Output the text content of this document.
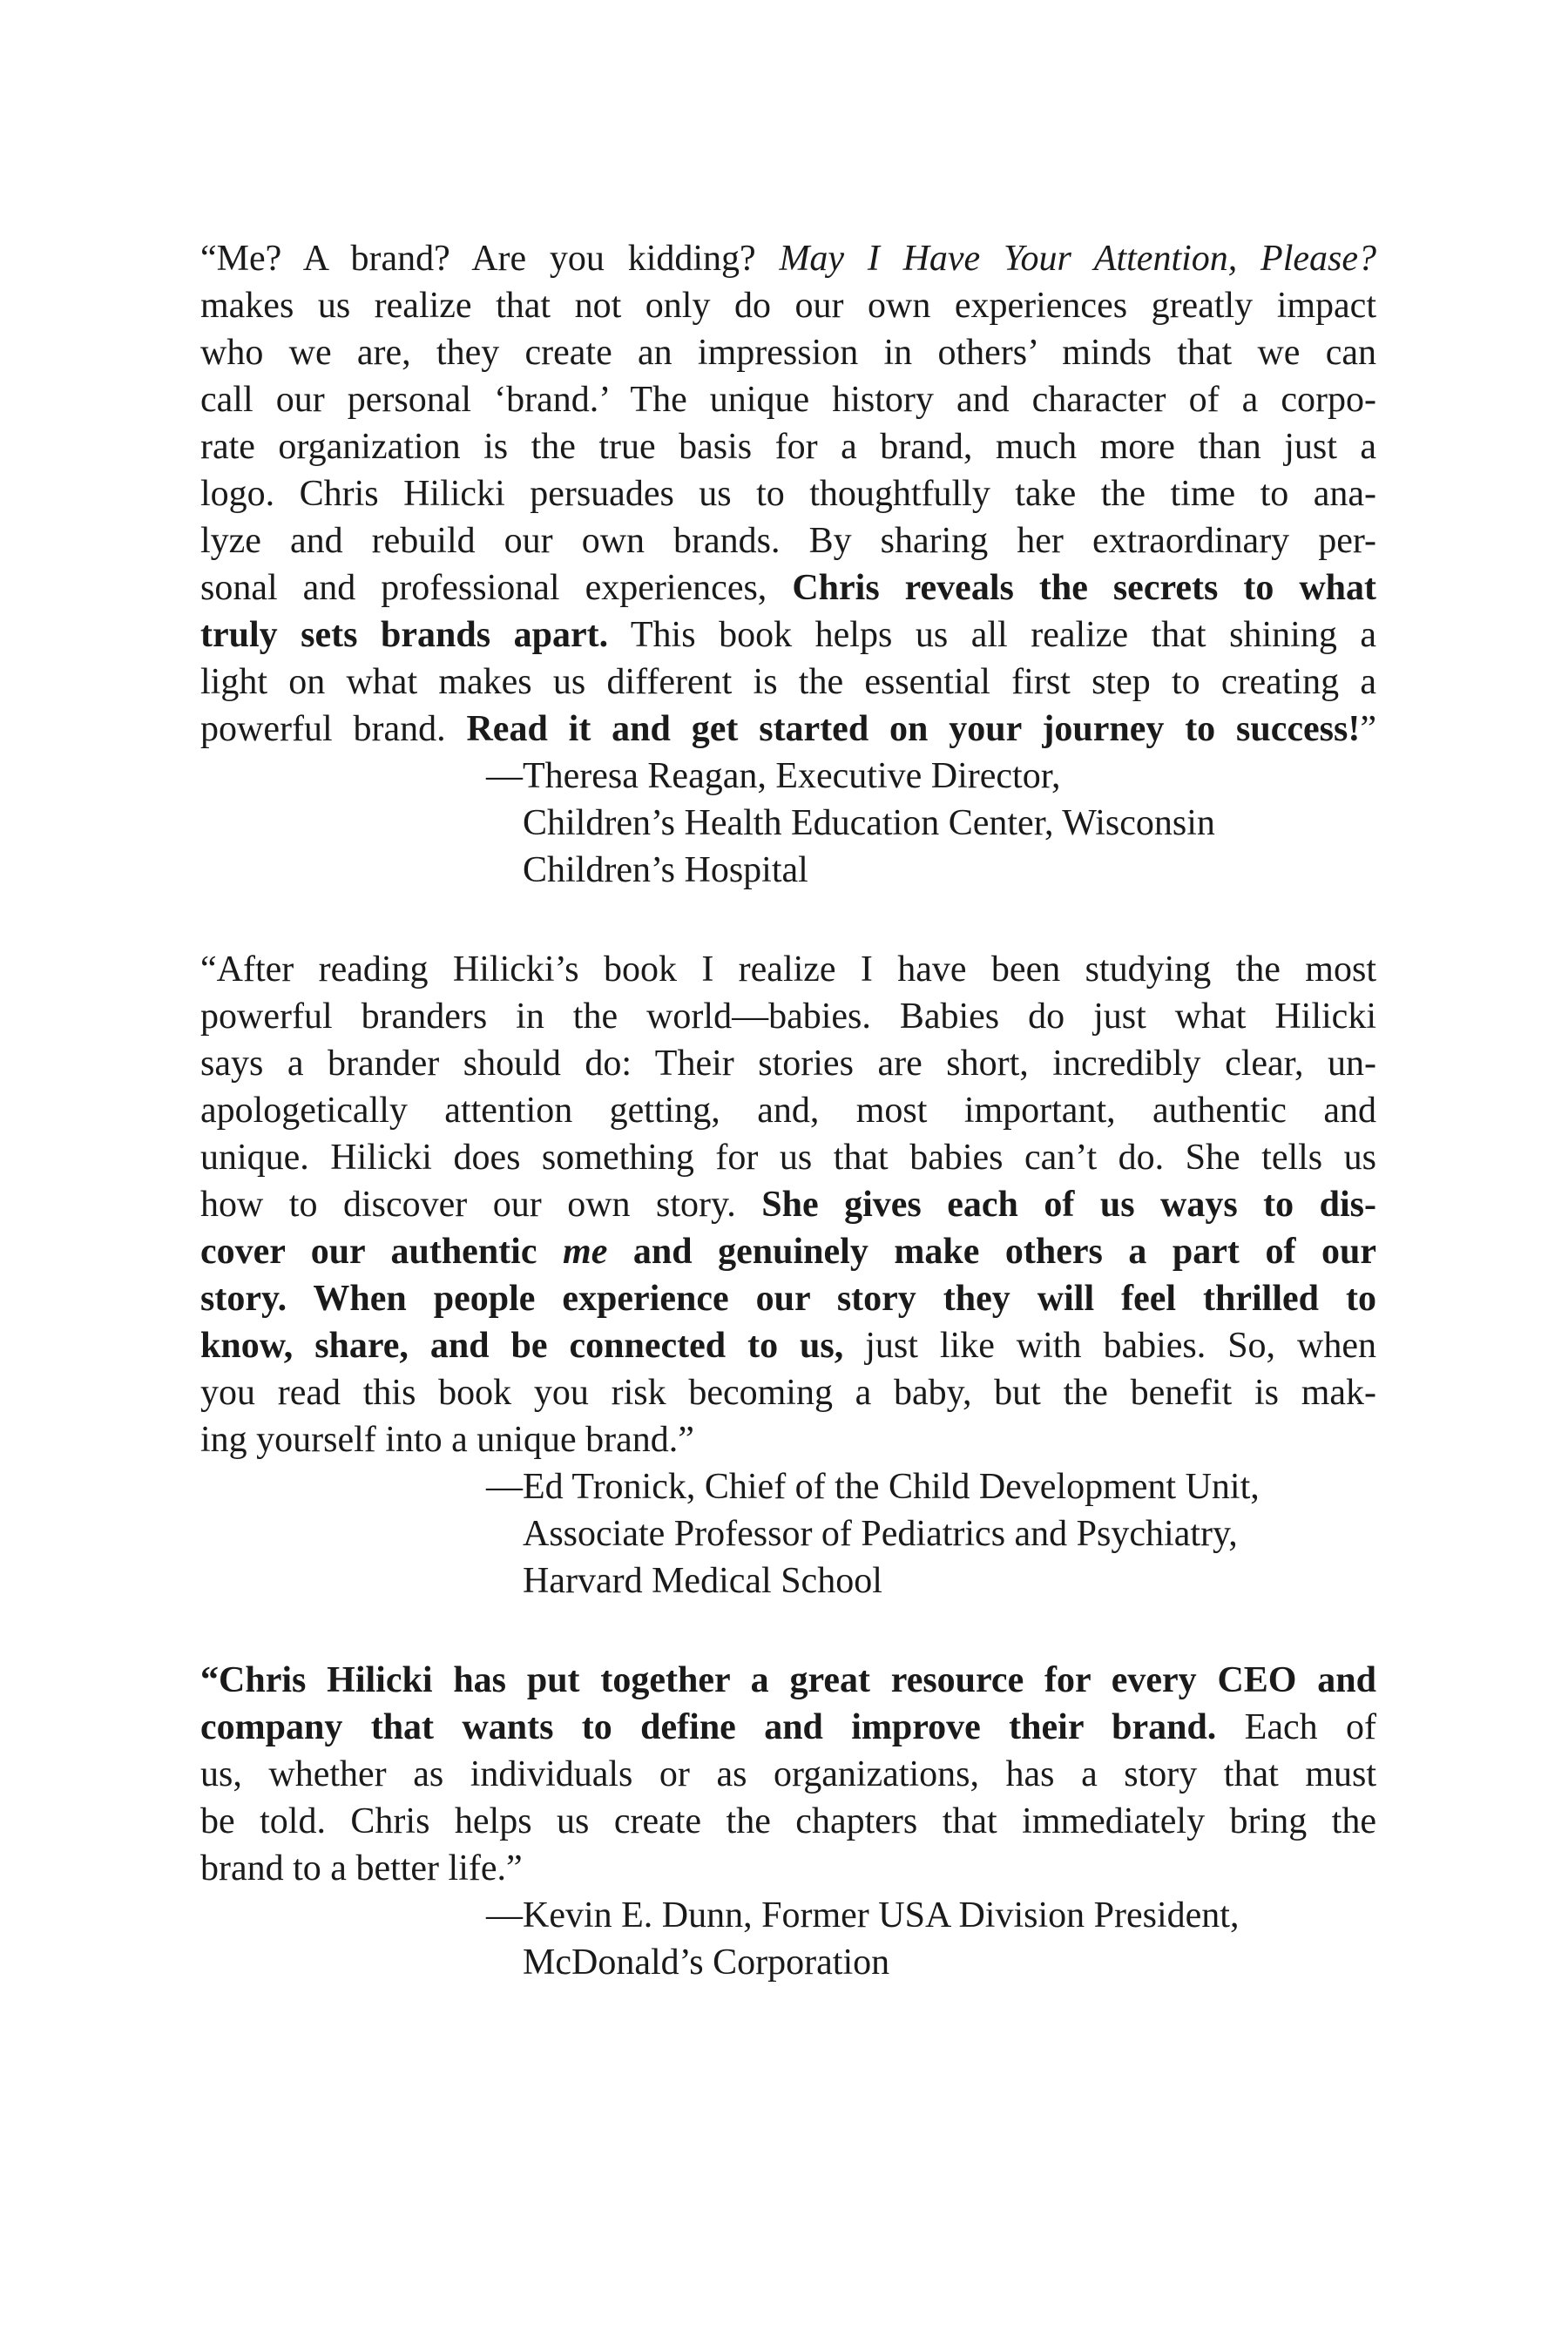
“Me? A brand? Are you kidding? May I Have Your Attention, Please?
makes us realize that not only do our own experiences greatly impact
who we are, they create an impression in others’ minds that we can
call our personal ‘brand.’ The unique history and character of a corpo-
rate organization is the true basis for a brand, much more than just a
logo. Chris Hilicki persuades us to thoughtfully take the time to ana-
lyze and rebuild our own brands. By sharing her extraordinary per-
sonal and professional experiences, Chris reveals the secrets to what
truly sets brands apart. This book helps us all realize that shining a
light on what makes us different is the essential first step to creating a
powerful brand. Read it and get started on your journey to success!”
—Theresa Reagan, Executive Director,
Children’s Health Education Center, Wisconsin
Children’s Hospital
“After reading Hilicki’s book I realize I have been studying the most
powerful branders in the world—babies. Babies do just what Hilicki
says a brander should do: Their stories are short, incredibly clear, un-
apologetically attention getting, and, most important, authentic and
unique. Hilicki does something for us that babies can’t do. She tells us
how to discover our own story. She gives each of us ways to dis-
cover our authentic me and genuinely make others a part of our
story. When people experience our story they will feel thrilled to
know, share, and be connected to us, just like with babies. So, when
you read this book you risk becoming a baby, but the benefit is mak-
ing yourself into a unique brand.”
—Ed Tronick, Chief of the Child Development Unit,
Associate Professor of Pediatrics and Psychiatry,
Harvard Medical School
“Chris Hilicki has put together a great resource for every CEO and
company that wants to define and improve their brand. Each of
us, whether as individuals or as organizations, has a story that must
be told. Chris helps us create the chapters that immediately bring the
brand to a better life.”
—Kevin E. Dunn, Former USA Division President,
McDonald’s Corporation
